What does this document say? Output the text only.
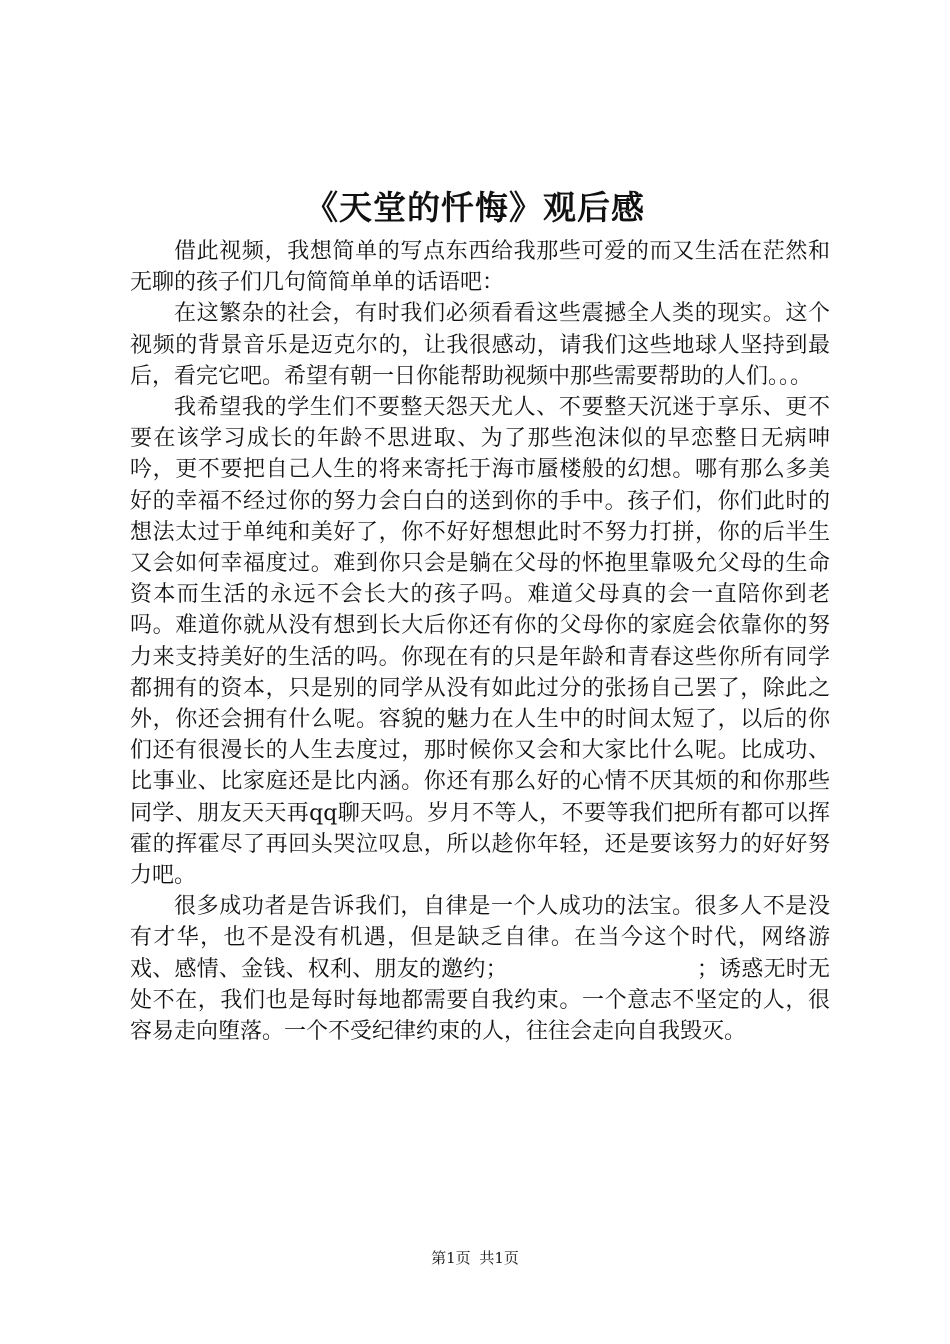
《天堂的忏悔》观后感

借此视频，我想简单的写点东西给我那些可爱的而又生活在茫然和无聊的孩子们几句简简单单的话语吧：

在这繁杂的社会，有时我们必须看看这些震撼全人类的现实。这个视频的背景音乐是迈克尔的，让我很感动，请我们这些地球人坚持到最后，看完它吧。希望有朝一日你能帮助视频中那些需要帮助的人们。。。

我希望我的学生们不要整天怨天尤人、不要整天沉迷于享乐、更不要在该学习成长的年龄不思进取、为了那些泡沫似的早恋整日无病呻吟，更不要把自己人生的将来寄托于海市蜃楼般的幻想。哪有那么多美好的幸福不经过你的努力会白白的送到你的手中。孩子们，你们此时的想法太过于单纯和美好了，你不好好想想此时不努力打拼，你的后半生又会如何幸福度过。难到你只会是躺在父母的怀抱里靠吸允父母的生命资本而生活的永远不会长大的孩子吗。难道父母真的会一直陪你到老吗。难道你就从没有想到长大后你还有你的父母你的家庭会依靠你的努力来支持美好的生活的吗。你现在有的只是年龄和青春这些你所有同学都拥有的资本，只是别的同学从没有如此过分的张扬自己罢了，除此之外，你还会拥有什么呢。容貌的魅力在人生中的时间太短了，以后的你们还有很漫长的人生去度过，那时候你又会和大家比什么呢。比成功、比事业、比家庭还是比内涵。你还有那么好的心情不厌其烦的和你那些同学、朋友天天再qq聊天吗。岁月不等人，不要等我们把所有都可以挥霍的挥霍尽了再回头哭泣叹息，所以趁你年轻，还是要该努力的好好努力吧。

很多成功者是告诉我们，自律是一个人成功的法宝。很多人不是没有才华，也不是没有机遇，但是缺乏自律。在当今这个时代，网络游戏、感情、金钱、权利、朋友的邀约；　　　　　　　　　；诱惑无时无处不在，我们也是每时每地都需要自我约束。一个意志不坚定的人，很容易走向堕落。一个不受纪律约束的人，往往会走向自我毁灭。

第1页 共1页
